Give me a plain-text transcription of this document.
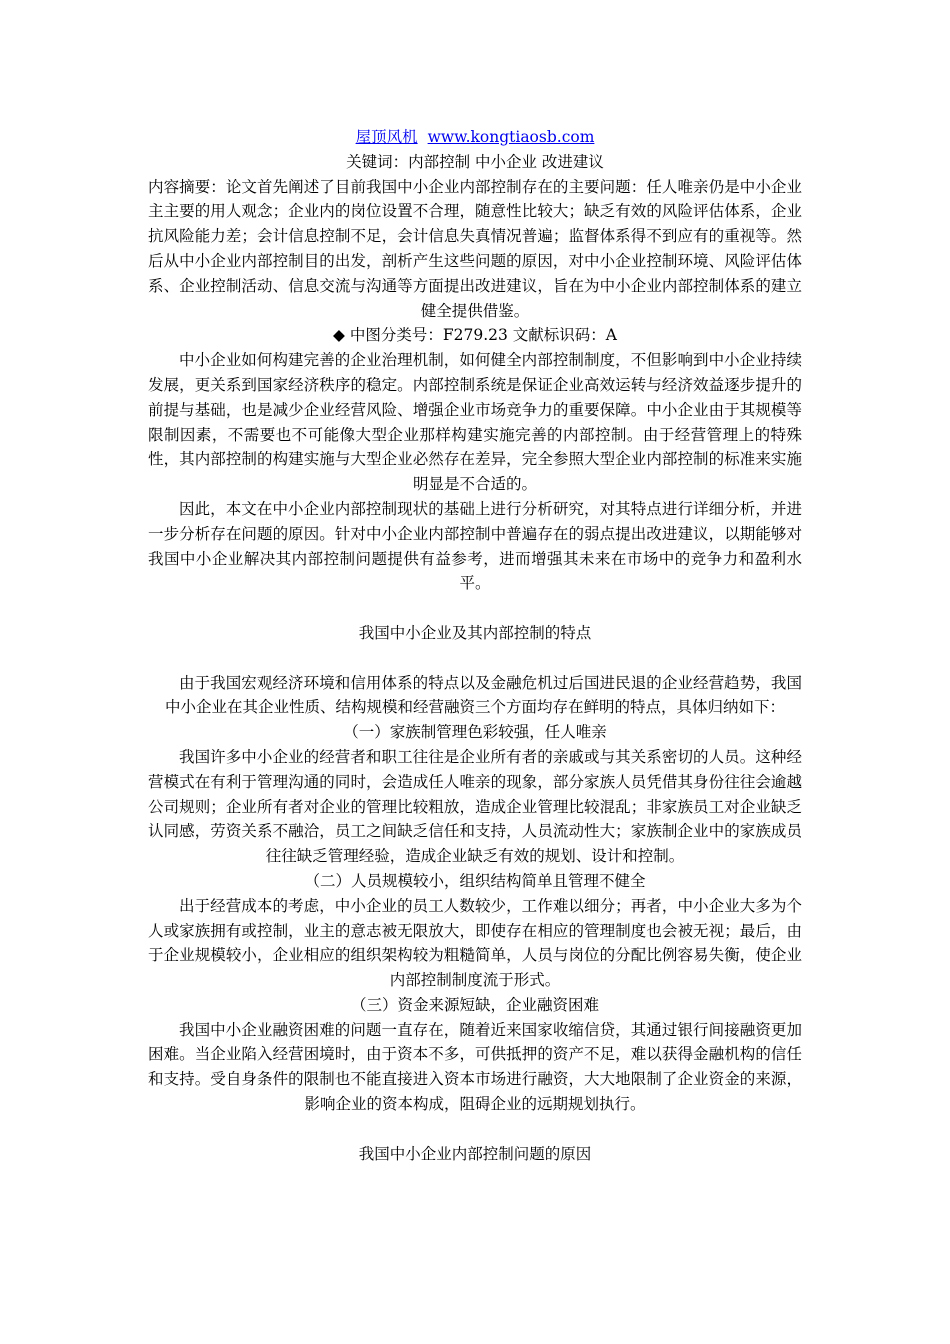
屋顶风机 www.kongtiaosb.com

关键词：内部控制 中小企业 改进建议

内容摘要：论文首先阐述了目前我国中小企业内部控制存在的主要问题：任人唯亲仍是中小企业主主要的用人观念；企业内的岗位设置不合理，随意性比较大；缺乏有效的风险评估体系，企业抗风险能力差；会计信息控制不足，会计信息失真情况普遍；监督体系得不到应有的重视等。然后从中小企业内部控制目的出发，剖析产生这些问题的原因，对中小企业控制环境、风险评估体系、企业控制活动、信息交流与沟通等方面提出改进建议，旨在为中小企业内部控制体系的建立健全提供借鉴。

◆ 中图分类号：F279.23 文献标识码：A

中小企业如何构建完善的企业治理机制，如何健全内部控制制度，不但影响到中小企业持续发展，更关系到国家经济秩序的稳定。内部控制系统是保证企业高效运转与经济效益逐步提升的前提与基础，也是减少企业经营风险、增强企业市场竞争力的重要保障。中小企业由于其规模等限制因素，不需要也不可能像大型企业那样构建实施完善的内部控制。由于经营管理上的特殊性，其内部控制的构建实施与大型企业必然存在差异，完全参照大型企业内部控制的标准来实施明显是不合适的。

因此，本文在中小企业内部控制现状的基础上进行分析研究，对其特点进行详细分析，并进一步分析存在问题的原因。针对中小企业内部控制中普遍存在的弱点提出改进建议，以期能够对我国中小企业解决其内部控制问题提供有益参考，进而增强其未来在市场中的竞争力和盈利水平。

我国中小企业及其内部控制的特点

由于我国宏观经济环境和信用体系的特点以及金融危机过后国进民退的企业经营趋势，我国中小企业在其企业性质、结构规模和经营融资三个方面均存在鲜明的特点，具体归纳如下：

（一）家族制管理色彩较强，任人唯亲

我国许多中小企业的经营者和职工往往是企业所有者的亲戚或与其关系密切的人员。这种经营模式在有利于管理沟通的同时，会造成任人唯亲的现象，部分家族人员凭借其身份往往会逾越公司规则；企业所有者对企业的管理比较粗放，造成企业管理比较混乱；非家族员工对企业缺乏认同感，劳资关系不融洽，员工之间缺乏信任和支持，人员流动性大；家族制企业中的家族成员往往缺乏管理经验，造成企业缺乏有效的规划、设计和控制。

（二）人员规模较小，组织结构简单且管理不健全

出于经营成本的考虑，中小企业的员工人数较少，工作难以细分；再者，中小企业大多为个人或家族拥有或控制，业主的意志被无限放大，即使存在相应的管理制度也会被无视；最后，由于企业规模较小，企业相应的组织架构较为粗糙简单，人员与岗位的分配比例容易失衡，使企业内部控制制度流于形式。

（三）资金来源短缺，企业融资困难

我国中小企业融资困难的问题一直存在，随着近来国家收缩信贷，其通过银行间接融资更加困难。当企业陷入经营困境时，由于资本不多，可供抵押的资产不足，难以获得金融机构的信任和支持。受自身条件的限制也不能直接进入资本市场进行融资，大大地限制了企业资金的来源，影响企业的资本构成，阻碍企业的远期规划执行。

我国中小企业内部控制问题的原因
